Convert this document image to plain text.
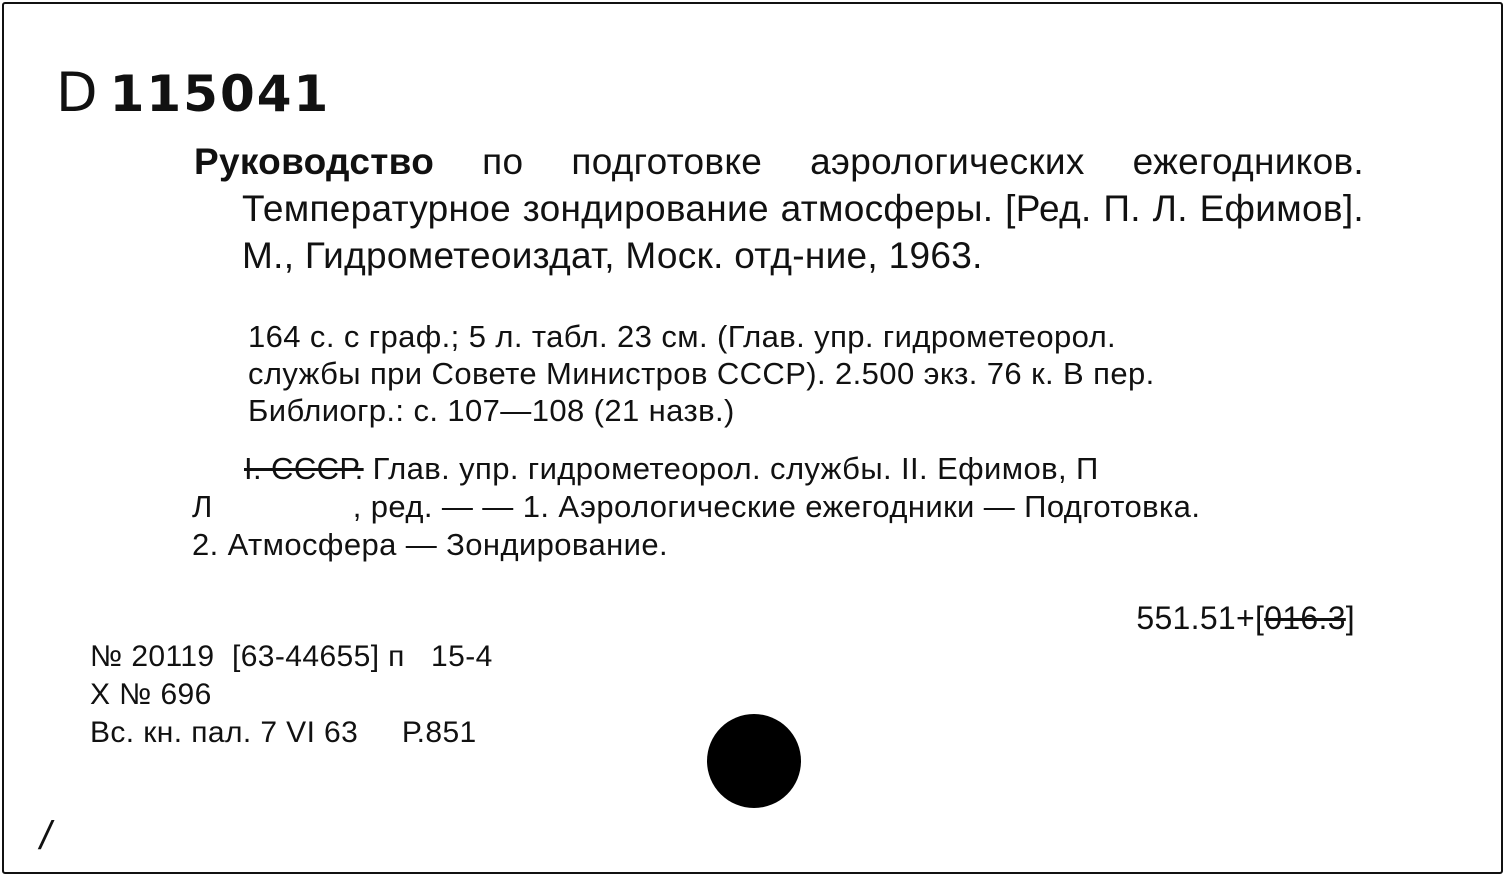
D 115041
Руководство по подготовке аэрологических ежегодников. Температурное зондирование атмосферы. [Ред. П. Л. Ефимов]. М., Гидрометеоиздат, Моск. отд-ние, 1963.
164 с. с граф.; 5 л. табл. 23 см. (Глав. упр. гидрометеорол.
службы при Совете Министров СССР). 2.500 экз. 76 к. В пер.
Библиогр.: с. 107—108 (21 назв.)
I. СССР. Глав. упр. гидрометеорол. службы. II. Ефимов, П
Л	, ред. — — 1. Аэрологические ежегодники — Подготовка.
2. Атмосфера — Зондирование.
551.51+[016.3]
№ 20119  [63-44655] п   15-4
Х № 696
Вс. кн. пал. 7 VI 63     Р.851
/
